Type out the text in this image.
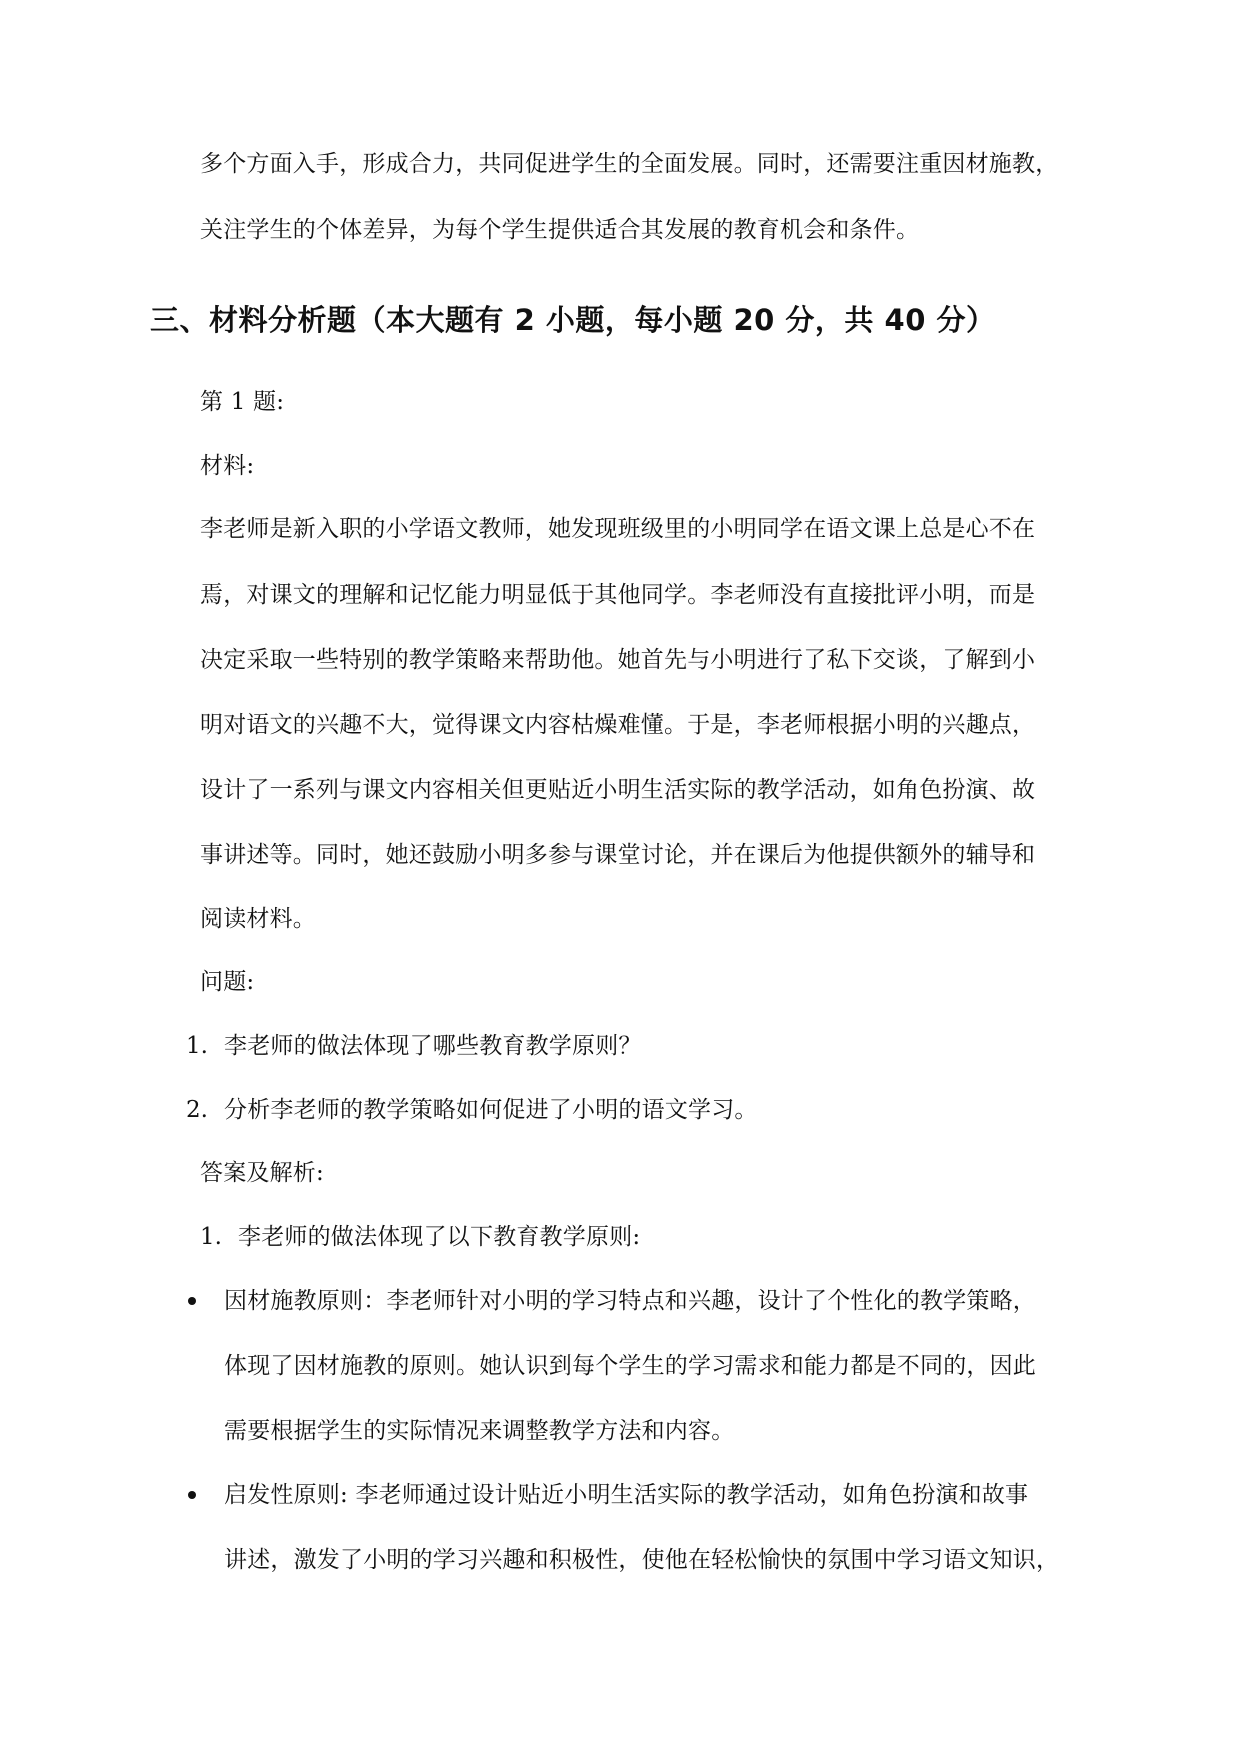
多个方面入手，形成合力，共同促进学生的全面发展。同时，还需要注重因材施教，
关注学生的个体差异，为每个学生提供适合其发展的教育机会和条件。
三、材料分析题（本大题有 2 小题，每小题 20 分，共 40 分）
第 1 题:
材料:
李老师是新入职的小学语文教师，她发现班级里的小明同学在语文课上总是心不在
焉，对课文的理解和记忆能力明显低于其他同学。李老师没有直接批评小明，而是
决定采取一些特别的教学策略来帮助他。她首先与小明进行了私下交谈，了解到小
明对语文的兴趣不大，觉得课文内容枯燥难懂。于是，李老师根据小明的兴趣点，
设计了一系列与课文内容相关但更贴近小明生活实际的教学活动，如角色扮演、故
事讲述等。同时，她还鼓励小明多参与课堂讨论，并在课后为他提供额外的辅导和
阅读材料。
问题:
1. 李老师的做法体现了哪些教育教学原则？
2. 分析李老师的教学策略如何促进了小明的语文学习。
答案及解析:
1. 李老师的做法体现了以下教育教学原则:
因材施教原则：李老师针对小明的学习特点和兴趣，设计了个性化的教学策略，
体现了因材施教的原则。她认识到每个学生的学习需求和能力都是不同的，因此
需要根据学生的实际情况来调整教学方法和内容。
启发性原则: 李老师通过设计贴近小明生活实际的教学活动，如角色扮演和故事
讲述，激发了小明的学习兴趣和积极性，使他在轻松愉快的氛围中学习语文知识，
